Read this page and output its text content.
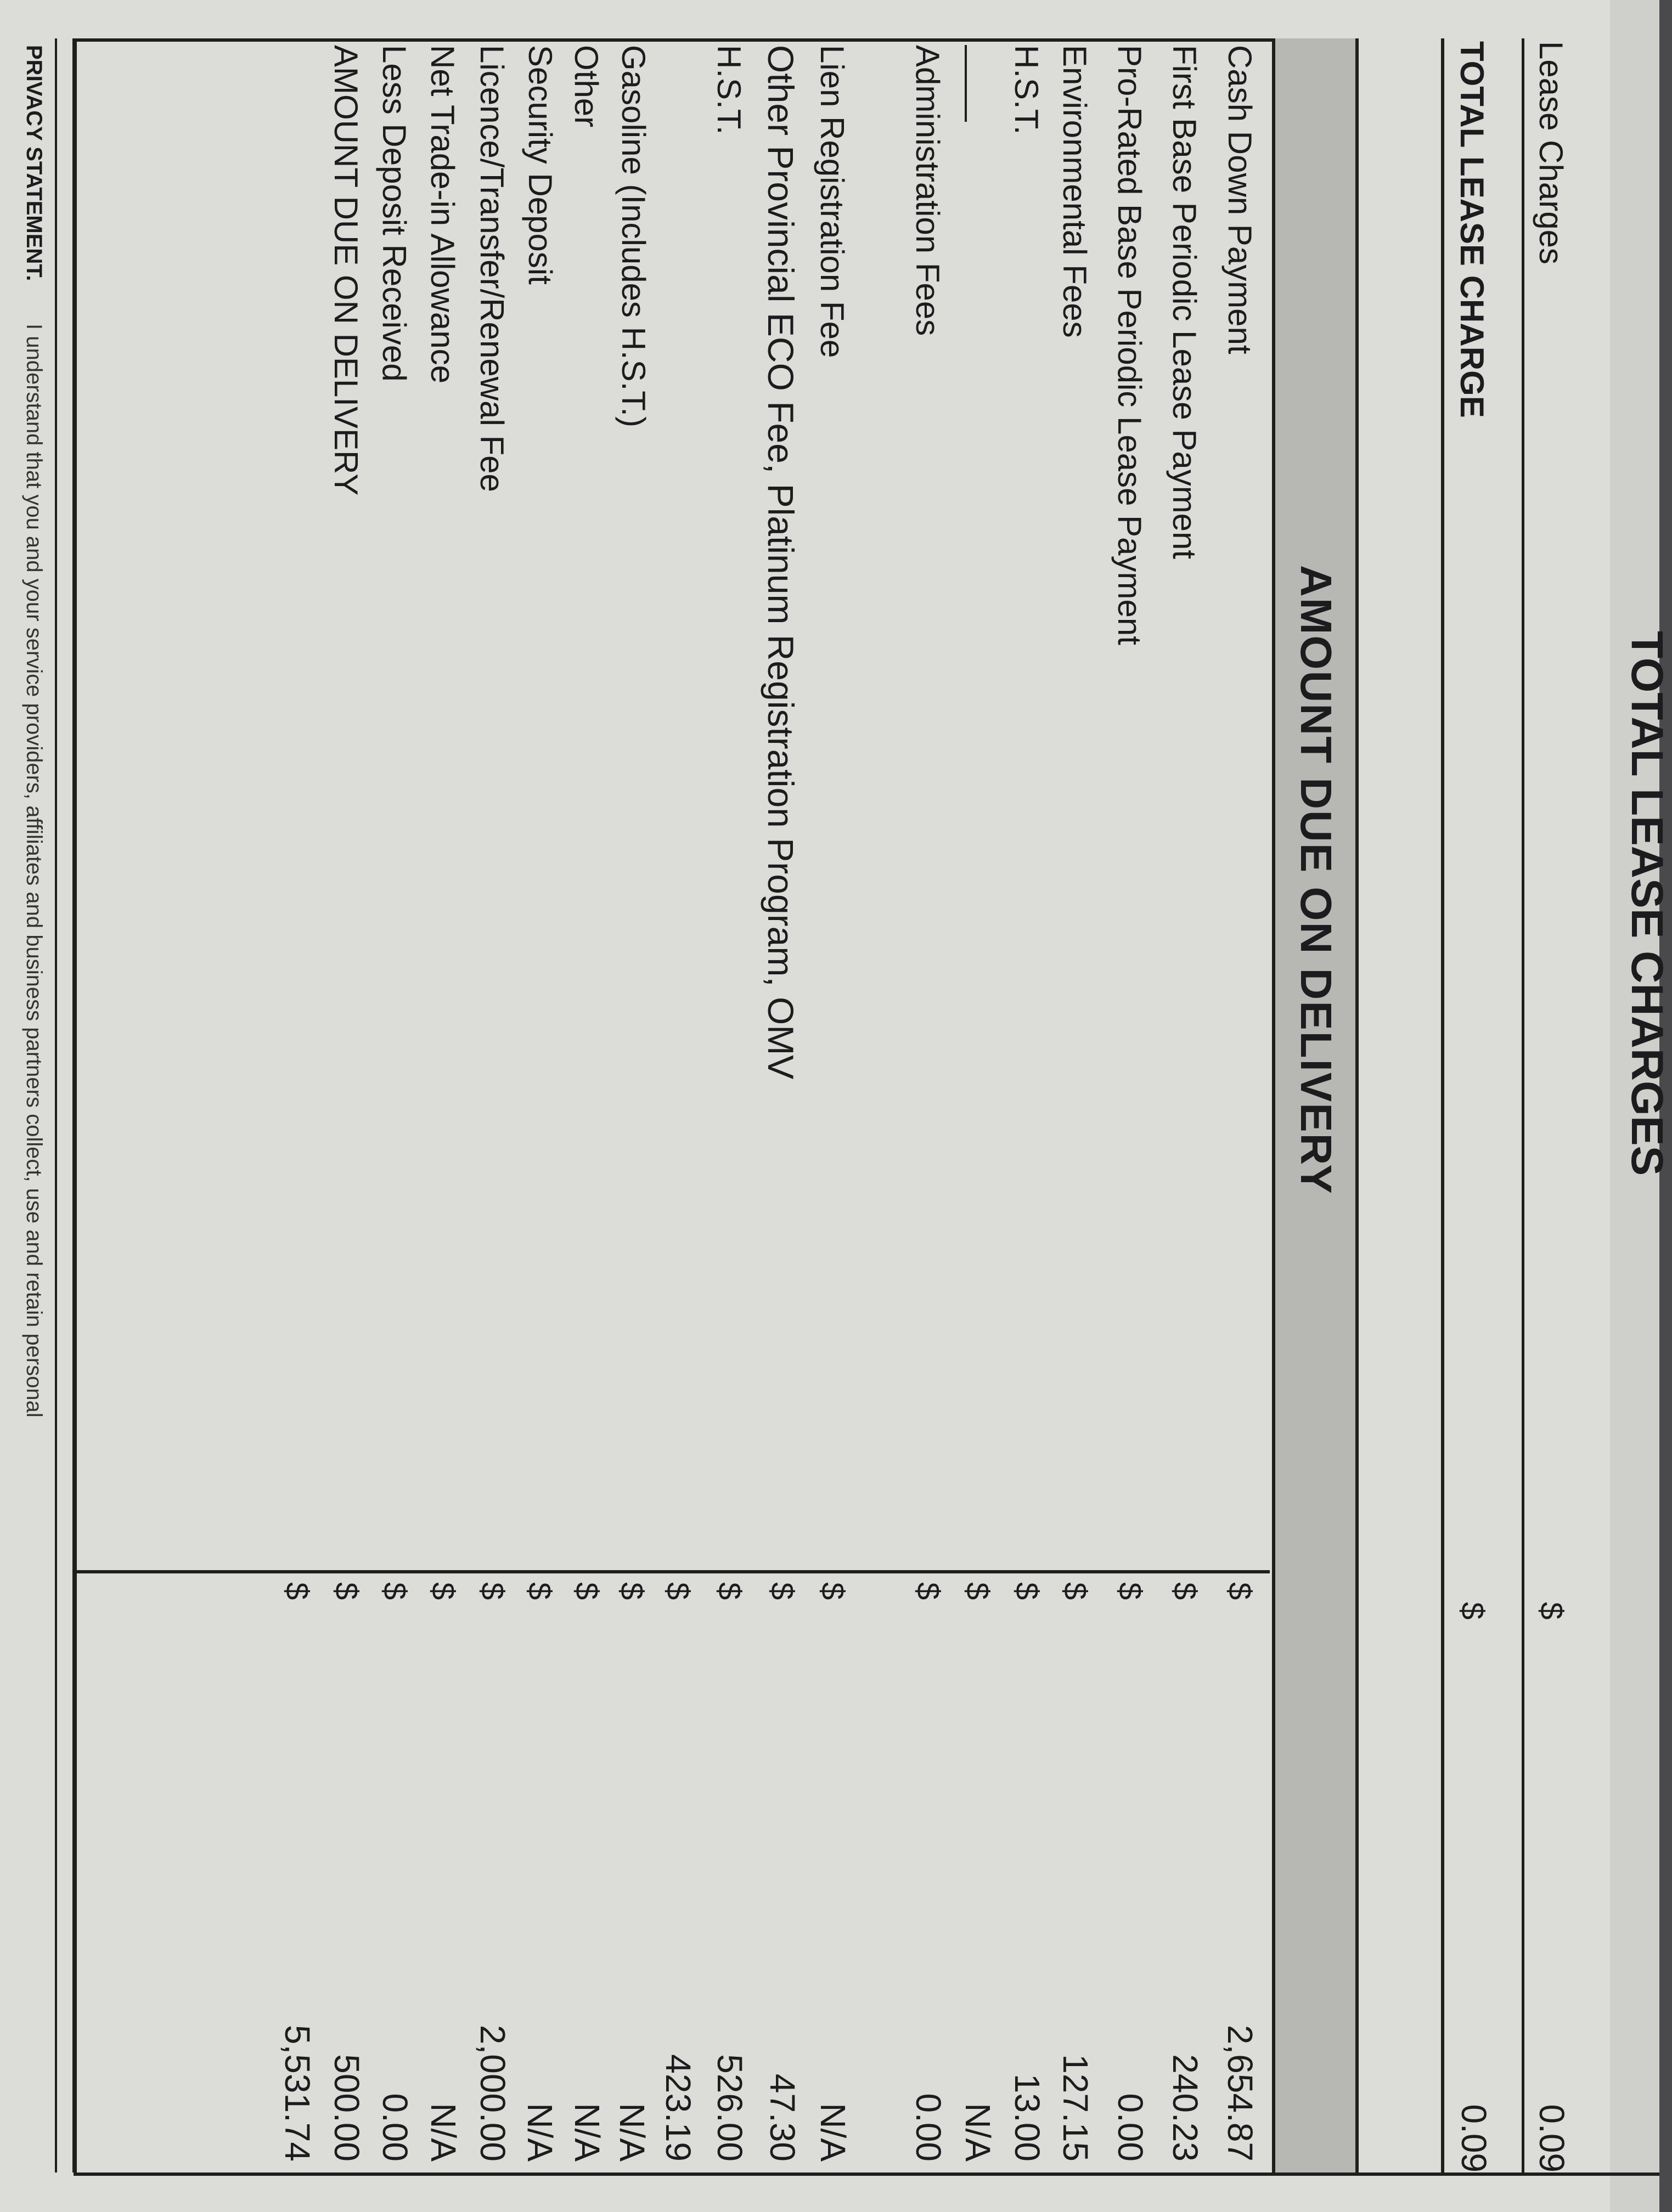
TOTAL LEASE CHARGES
Lease Charges
$
0.09
TOTAL LEASE CHARGE
$
0.09
AMOUNT DUE ON DELIVERY
Cash Down Payment
$
2,654.87
First Base Periodic Lease Payment
$
240.23
Pro-Rated Base Periodic Lease Payment
$
0.00
Environmental Fees
$
127.15
H.S.T.
$
13.00
$
N/A
Administration Fees
$
0.00
Lien Registration Fee
$
N/A
Other Provincial ECO Fee, Platinum Registration Program, OMV
$
47.30
H.S.T.
$
526.00
$
423.19
Gasoline (Includes H.S.T.)
$
N/A
Other
$
N/A
Security Deposit
$
N/A
Licence/Transfer/Renewal Fee
$
2,000.00
Net Trade-in Allowance
$
N/A
Less Deposit Received
$
0.00
AMOUNT DUE ON DELIVERY
$
500.00
$
5,531.74
PRIVACY STATEMENT.
I understand that you and your service providers, affiliates and business partners collect, use and retain personal
